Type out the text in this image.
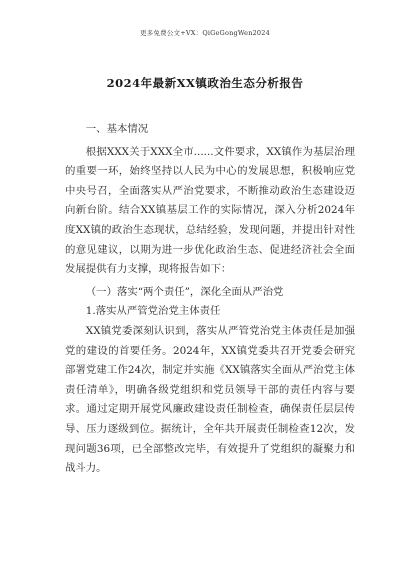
更多免费公文+VX：QiGeGongWen2024
2024年最新XX镇政治生态分析报告

一、基本情况

根据XXX关于XXX全市......文件要求，XX镇作为基层治理的重要一环，始终坚持以人民为中心的发展思想，积极响应党中央号召，全面落实从严治党要求，不断推动政治生态建设迈向新台阶。结合XX镇基层工作的实际情况，深入分析2024年度XX镇的政治生态现状，总结经验，发现问题，并提出针对性的意见建议，以期为进一步优化政治生态、促进经济社会全面发展提供有力支撑，现将报告如下：

（一）落实“两个责任”，深化全面从严治党

1.落实从严管党治党主体责任

XX镇党委深刻认识到，落实从严管党治党主体责任是加强党的建设的首要任务。2024年，XX镇党委共召开党委会研究部署党建工作24次，制定并实施《XX镇落实全面从严治党主体责任清单》，明确各级党组织和党员领导干部的责任内容与要求。通过定期开展党风廉政建设责任制检查，确保责任层层传导、压力逐级到位。据统计，全年共开展责任制检查12次，发现问题36项，已全部整改完毕，有效提升了党组织的凝聚力和战斗力。
